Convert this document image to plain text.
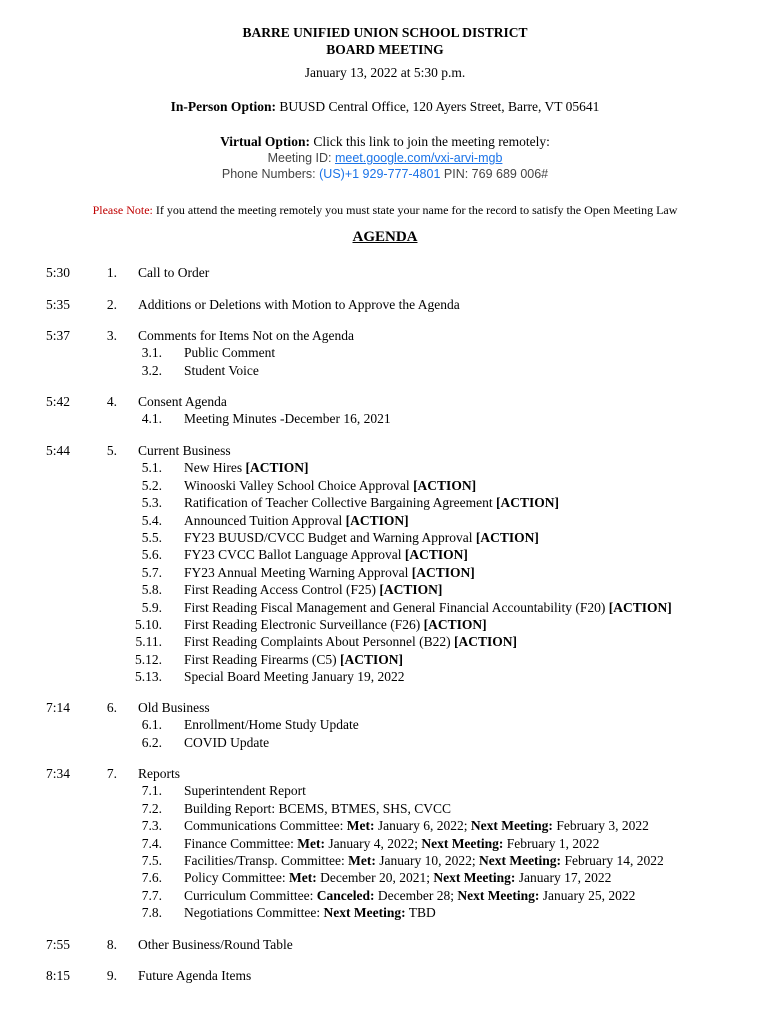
BARRE UNIFIED UNION SCHOOL DISTRICT
BOARD MEETING
January 13, 2022 at 5:30 p.m.
In-Person Option: BUUSD Central Office, 120 Ayers Street, Barre, VT 05641
Virtual Option: Click this link to join the meeting remotely:
Meeting ID: meet.google.com/vxi-arvi-mgb
Phone Numbers: (US)+1 929-777-4801 PIN: 769 689 006#
Please Note: If you attend the meeting remotely you must state your name for the record to satisfy the Open Meeting Law
AGENDA
5:30	1. Call to Order
5:35	2. Additions or Deletions with Motion to Approve the Agenda
5:37	3. Comments for Items Not on the Agenda
3.1. Public Comment
3.2. Student Voice
5:42	4. Consent Agenda
4.1. Meeting Minutes -December 16, 2021
5:44	5. Current Business
5.1. New Hires [ACTION]
5.2. Winooski Valley School Choice Approval [ACTION]
5.3. Ratification of Teacher Collective Bargaining Agreement [ACTION]
5.4. Announced Tuition Approval [ACTION]
5.5. FY23 BUUSD/CVCC Budget and Warning Approval [ACTION]
5.6. FY23 CVCC Ballot Language Approval [ACTION]
5.7. FY23 Annual Meeting Warning Approval [ACTION]
5.8. First Reading Access Control (F25) [ACTION]
5.9. First Reading Fiscal Management and General Financial Accountability (F20) [ACTION]
5.10. First Reading Electronic Surveillance (F26) [ACTION]
5.11. First Reading Complaints About Personnel (B22) [ACTION]
5.12. First Reading Firearms (C5) [ACTION]
5.13. Special Board Meeting January 19, 2022
7:14	6. Old Business
6.1. Enrollment/Home Study Update
6.2. COVID Update
7:34	7. Reports
7.1. Superintendent Report
7.2. Building Report: BCEMS, BTMES, SHS, CVCC
7.3. Communications Committee: Met: January 6, 2022; Next Meeting: February 3, 2022
7.4. Finance Committee: Met: January 4, 2022; Next Meeting: February 1, 2022
7.5. Facilities/Transp. Committee: Met: January 10, 2022; Next Meeting: February 14, 2022
7.6. Policy Committee: Met: December 20, 2021; Next Meeting: January 17, 2022
7.7. Curriculum Committee: Canceled: December 28; Next Meeting: January 25, 2022
7.8. Negotiations Committee: Next Meeting: TBD
7:55	8. Other Business/Round Table
8:15	9. Future Agenda Items
